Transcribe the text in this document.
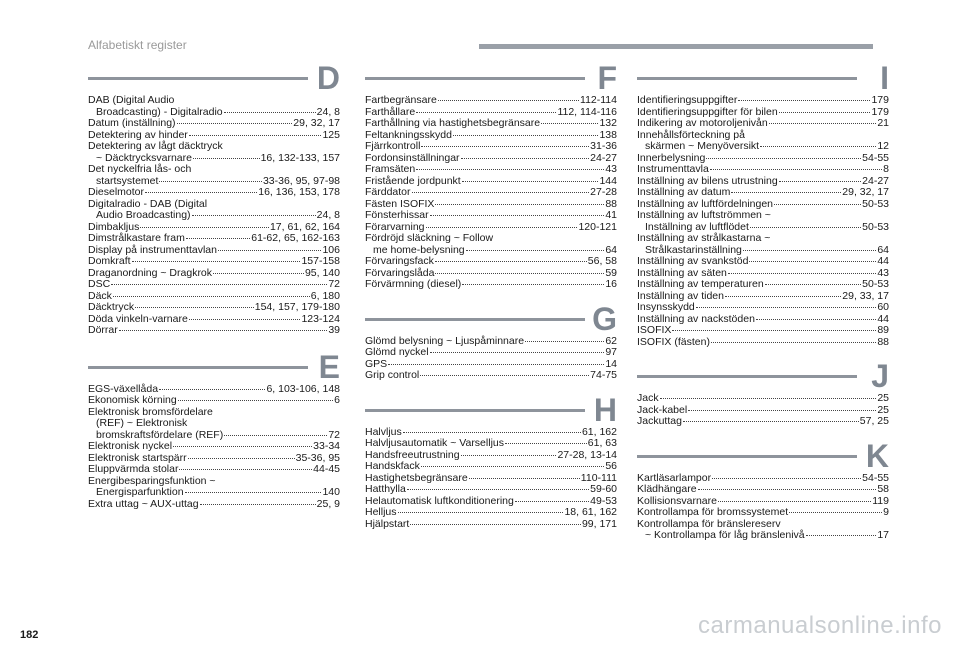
Alfabetiskt register
D
DAB (Digital Audio
Broadcasting) - Digitalradio	24, 8
Datum (inställning)	29, 32, 17
Detektering av hinder	125
Detektering av lågt däcktryck
~ Däcktrycksvarnare	16, 132-133, 157
Det nyckelfria lås- och
startsystemet	33-36, 95, 97-98
Dieselmotor	16, 136, 153, 178
Digitalradio - DAB (Digital
Audio Broadcasting)	24, 8
Dimbakljus	17, 61, 62, 164
Dimstrålkastare fram	61-62, 65, 162-163
Display på instrumenttavlan	106
Domkraft	157-158
Draganordning ~ Dragkrok	95, 140
DSC	72
Däck	6, 180
Däcktryck	154, 157, 179-180
Döda vinkeln-varnare	123-124
Dörrar	39
E
EGS-växellåda	6, 103-106, 148
Ekonomisk körning	6
Elektronisk bromsfördelare
(REF) ~ Elektronisk
bromskraftsfördelare (REF)	72
Elektronisk nyckel	33-34
Elektronisk startspärr	35-36, 95
Eluppvärmda stolar	44-45
Energibesparingsfunktion ~
Energisparfunktion	140
Extra uttag ~ AUX-uttag	25, 9
F
Fartbegränsare	112-114
Farthållare	112, 114-116
Farthållning via hastighetsbegränsare	132
Feltankningsskydd	138
Fjärrkontroll	31-36
Fordonsinställningar	24-27
Framsäten	43
Fristående jordpunkt	144
Färddator	27-28
Fästen ISOFIX	88
Fönsterhissar	41
Förarvarning	120-121
Fördröjd släckning ~ Follow
me home-belysning	64
Förvaringsfack	56, 58
Förvaringslåda	59
Förvärmning (diesel)	16
G
Glömd belysning ~ Ljuspåminnare	62
Glömd nyckel	97
GPS	14
Grip control	74-75
H
Halvljus	61, 162
Halvljusautomatik ~ Varselljus	61, 63
Handsfreeutrustning	27-28, 13-14
Handskfack	56
Hastighetsbegränsare	110-111
Hatthylla	59-60
Helautomatisk luftkonditionering	49-53
Helljus	18, 61, 162
Hjälpstart	99, 171
I
Identifieringsuppgifter	179
Identifieringsuppgifter för bilen	179
Indikering av motoroljenivån	21
Innehållsförteckning på
skärmen ~ Menyöversikt	12
Innerbelysning	54-55
Instrumenttavla	8
Inställning av bilens utrustning	24-27
Inställning av datum	29, 32, 17
Inställning av luftfördelningen	50-53
Inställning av luftströmmen ~
Inställning av luftflödet	50-53
Inställning av strålkastarna ~
Strålkastarinställning	64
Inställning av svankstöd	44
Inställning av säten	43
Inställning av temperaturen	50-53
Inställning av tiden	29, 33, 17
Insynsskydd	60
Inställning av nackstöden	44
ISOFIX	89
ISOFIX (fästen)	88
J
Jack	25
Jack-kabel	25
Jackuttag	57, 25
K
Kartläsarlampor	54-55
Klädhängare	58
Kollisionsvarnare	119
Kontrollampa för bromssystemet	9
Kontrollampa för bränslereserv
~ Kontrollampa för låg bränslenivå	17
182	carmanualsonline.info
